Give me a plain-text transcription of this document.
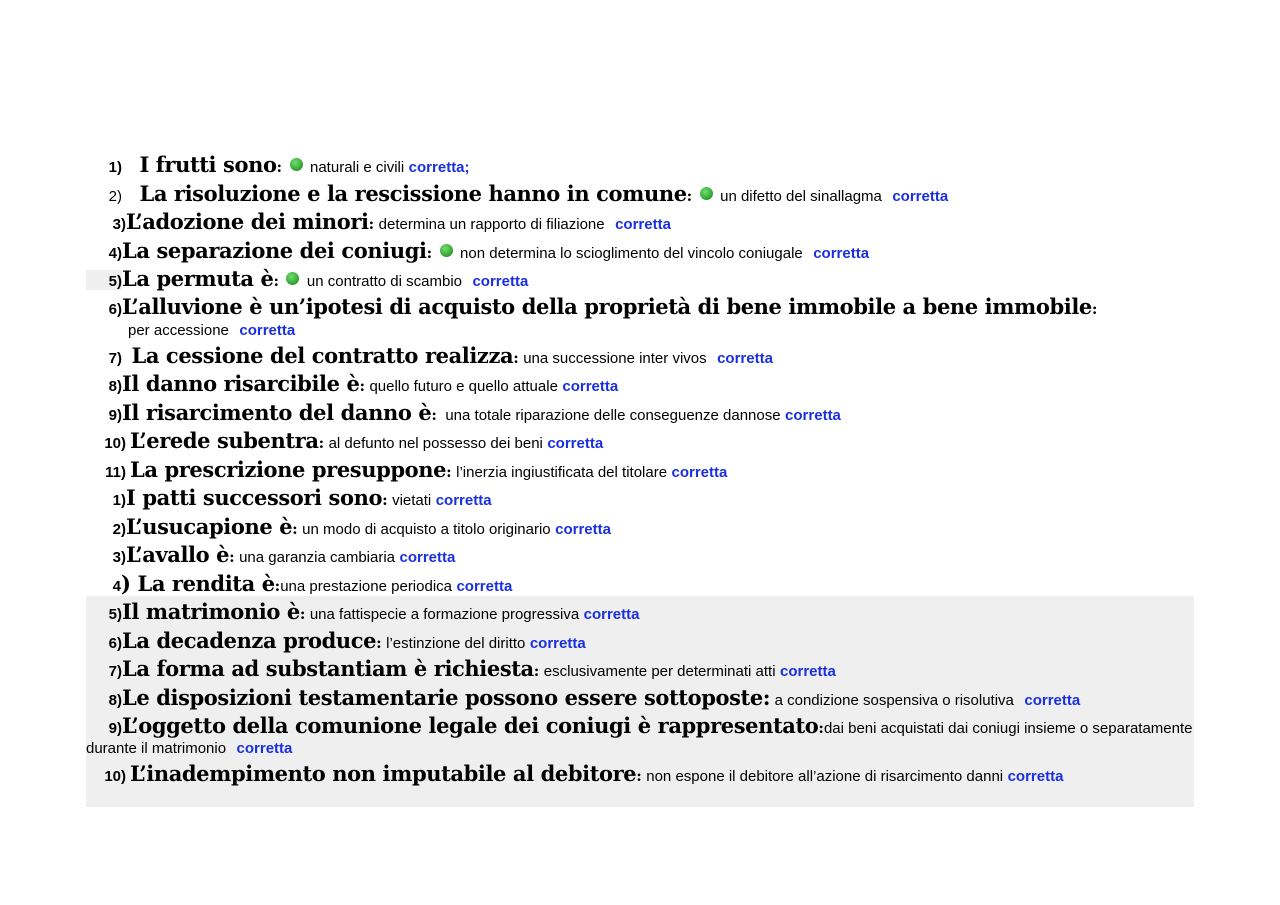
1) I frutti sono: naturali e civili corretta;
2) La risoluzione e la rescissione hanno in comune: un difetto del sinallagma corretta
3)L’adozione dei minori: determina un rapporto di filiazione corretta
4)La separazione dei coniugi: non determina lo scioglimento del vincolo coniugale corretta
5)La permuta è: un contratto di scambio corretta
6)L’alluvione è un’ipotesi di acquisto della proprietà di bene immobile a bene immobile:
per accessione corretta
7) La cessione del contratto realizza: una successione inter vivos corretta
8)Il danno risarcibile è: quello futuro e quello attuale corretta
9)Il risarcimento del danno è: una totale riparazione delle conseguenze dannose corretta
10) L’erede subentra: al defunto nel possesso dei beni corretta
11) La prescrizione presuppone: l’inerzia ingiustificata del titolare corretta
1)I patti successori sono: vietati corretta
2)L’usucapione è: un modo di acquisto a titolo originario corretta
3)L’avallo è: una garanzia cambiaria corretta
4) La rendita è:una prestazione periodica corretta
5)Il matrimonio è: una fattispecie a formazione progressiva corretta
6)La decadenza produce: l’estinzione del diritto corretta
7)La forma ad substantiam è richiesta: esclusivamente per determinati atti corretta
8)Le disposizioni testamentarie possono essere sottoposte: a condizione sospensiva o risolutiva corretta
9)L’oggetto della comunione legale dei coniugi è rappresentato:dai beni acquistati dai coniugi insieme o separatamente
durante il matrimonio corretta
10) L’inadempimento non imputabile al debitore: non espone il debitore all’azione di risarcimento danni corretta
